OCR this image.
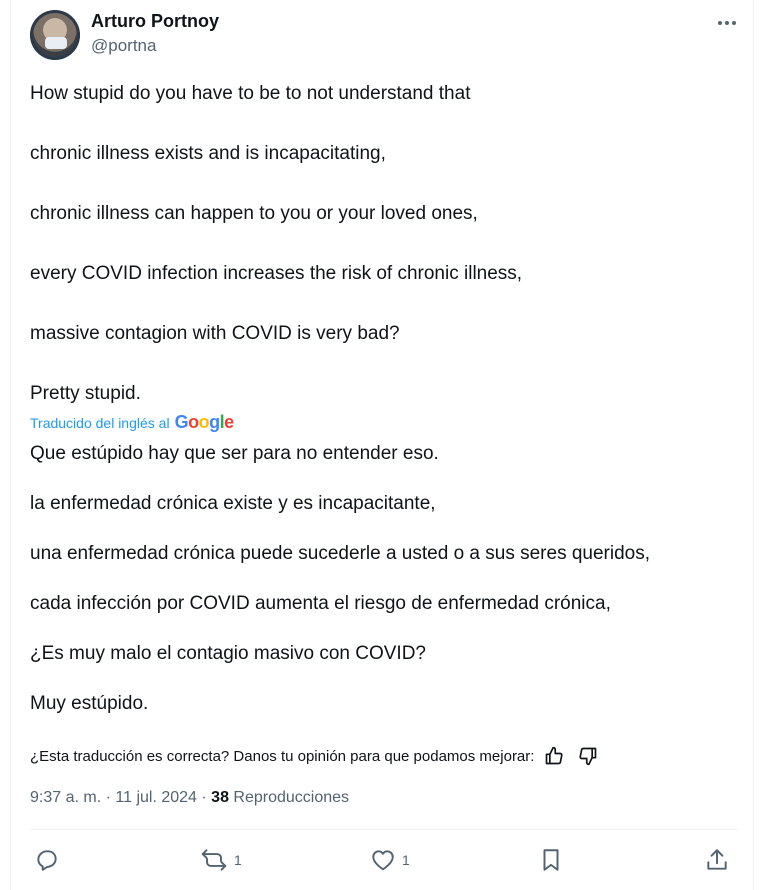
Arturo Portnoy
@portna
How stupid do you have to be to not understand that
chronic illness exists and is incapacitating,
chronic illness can happen to you or your loved ones,
every COVID infection increases the risk of chronic illness,
massive contagion with COVID is very bad?
Pretty stupid.
Traducido del inglés al Google
Que estúpido hay que ser para no entender eso.
la enfermedad crónica existe y es incapacitante,
una enfermedad crónica puede sucederle a usted o a sus seres queridos,
cada infección por COVID aumenta el riesgo de enfermedad crónica,
¿Es muy malo el contagio masivo con COVID?
Muy estúpido.
¿Esta traducción es correcta? Danos tu opinión para que podamos mejorar:
9:37 a. m. · 11 jul. 2024 · 38 Reproducciones
1	1
